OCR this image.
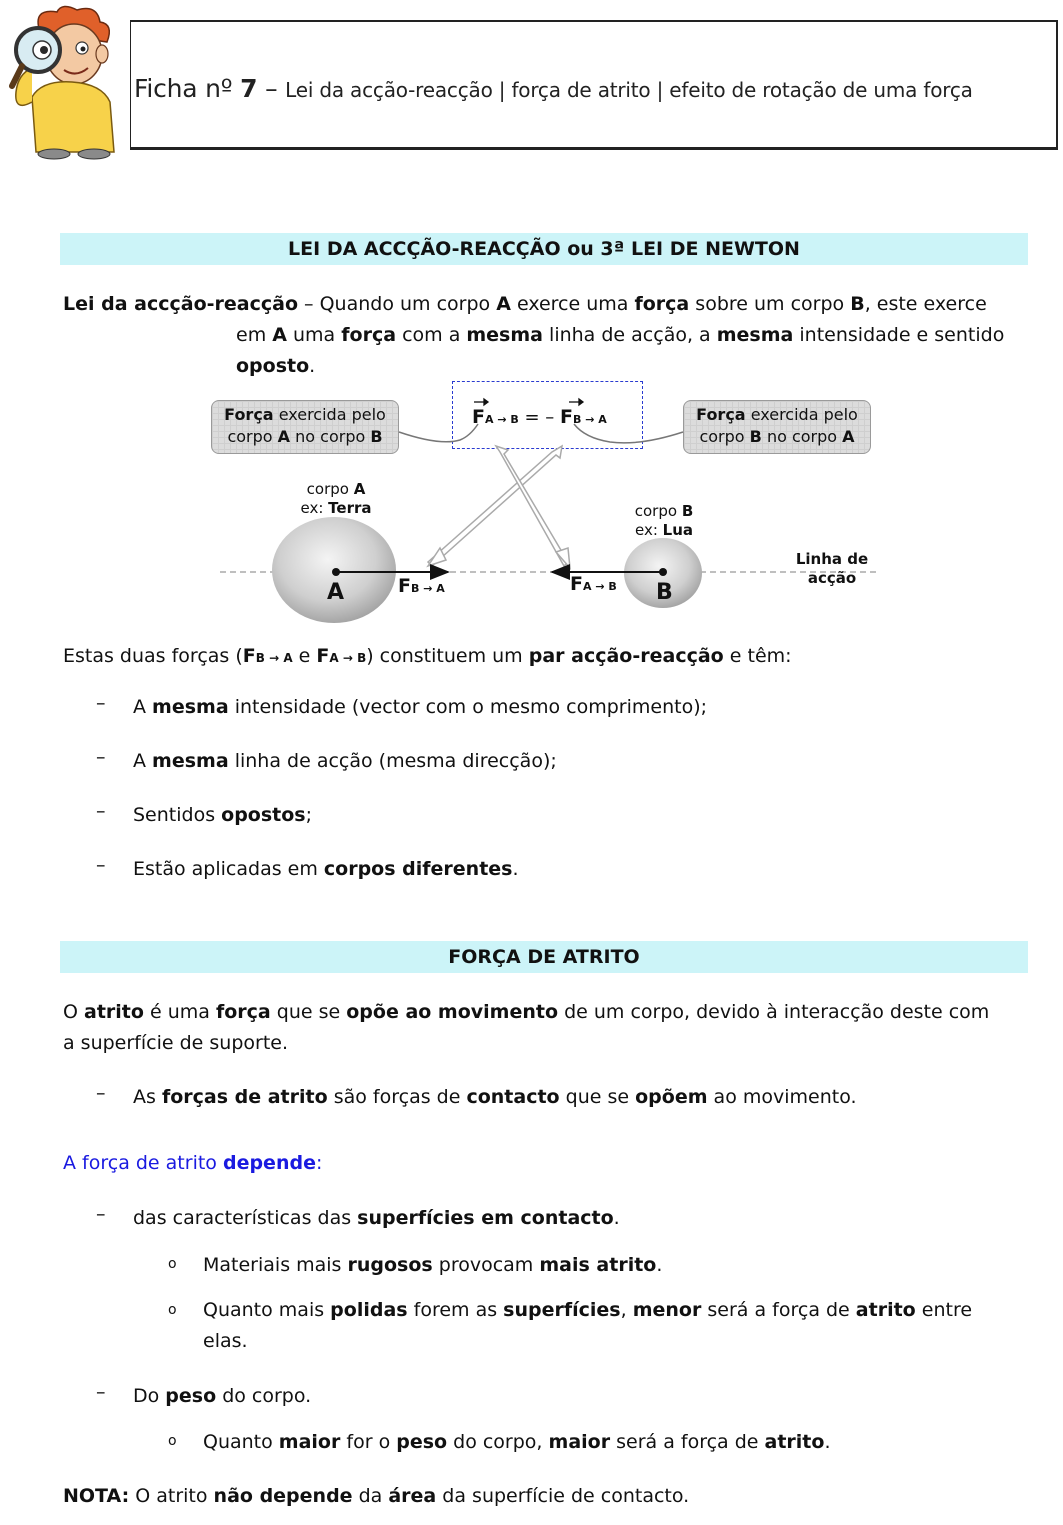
Ficha nº 7 – Lei da acção-reacção | força de atrito | efeito de rotação de uma força
LEI DA ACCÇÃO-REACÇÃO ou 3ª LEI DE NEWTON
Lei da accção-reacção – Quando um corpo A exerce uma força sobre um corpo B, este exerce
em A uma força com a mesma linha de acção, a mesma intensidade e sentido
oposto.
Força exercida pelo
corpo A no corpo B
Força exercida pelo
corpo B no corpo A
FA → B = – FB → A
corpo A
ex: Terra
A
corpo B
ex: Lua
B
FB → A	FA → B
Linha de
acção
Estas duas forças (FB → A e FA → B) constituem um par acção-reacção e têm:
– A mesma intensidade (vector com o mesmo comprimento);
– A mesma linha de acção (mesma direcção);
– Sentidos opostos;
– Estão aplicadas em corpos diferentes.
FORÇA DE ATRITO
O atrito é uma força que se opõe ao movimento de um corpo, devido à interacção deste com
a superfície de suporte.
– As forças de atrito são forças de contacto que se opõem ao movimento.
A força de atrito depende:
– das características das superfícies em contacto.
o Materiais mais rugosos provocam mais atrito.
o Quanto mais polidas forem as superfícies, menor será a força de atrito entre
elas.
– Do peso do corpo.
o Quanto maior for o peso do corpo, maior será a força de atrito.
NOTA: O atrito não depende da área da superfície de contacto.
